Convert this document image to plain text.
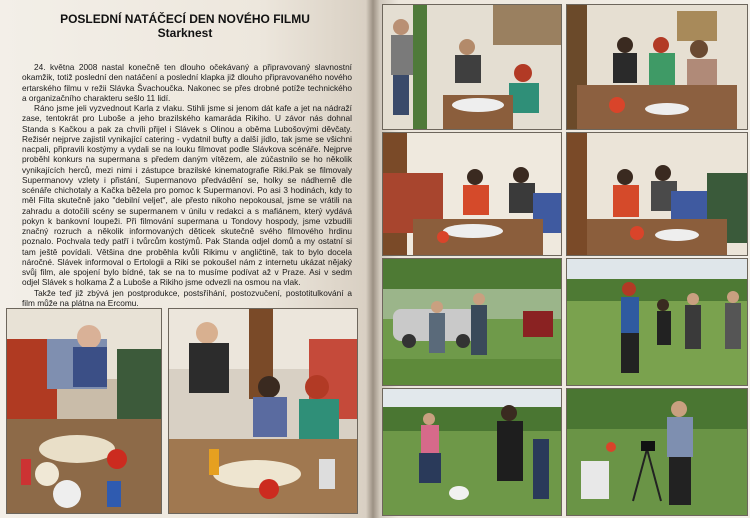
POSLEDNÍ NATÁČECÍ DEN NOVÉHO FILMU
Starknest

24. května 2008 nastal konečně ten dlouho očekávaný a připravovaný slavnostní okamžik, totiž poslední den natáčení a poslední klapka již dlouho připravovaného nového ertarského filmu v režii Slávka Švachoučka. Nakonec se přes drobné potíže technického a organizačního charakteru sešlo 11 lidí.

Ráno jsme jeli vyzvednout Karla z vlaku. Stihli jsme si jenom dát kafe a jet na nádraží zase, tentokrát pro Luboše a jeho brazilského kamaráda Rikiho. U závor nás dohnal Standa s Kačkou a pak za chvíli přijel i Slávek s Olinou a oběma Lubošovými děvčaty. Režisér nejprve zajistil vynikající catering - vydatnil bufty a další jídlo, tak jsme se všichni nacpali, připravili kostýmy a vydali se na louku filmovat podle Slávkova scénáře. Nejprve proběhl konkurs na supermana s předem daným vítězem, ale zúčastnilo se ho několik vynikajících herců, mezi nimi i zástupce brazilské kinematografie Riki.Pak se filmovaly Supermanovy vzlety i přistání, Supermanovo předvádění se, holky se nádherně dle scénáře chichotaly a Kačka běžela pro pomoc k Supermanovi. Po asi 3 hodinách, kdy to měl Filta skutečně jako "debilní veljet", ale přesto nikoho nepokousal, jsme se vrátili na zahradu a dotočili scény se supermanem v únilu v redakci a s mafiánem, který vydává pokyn k bankovní loupeži. Při filmování supermana u Tondovy hospody, jsme vzbudili značný rozruch a několik informovaných děticek skutečně svého filmového hrdinu poznalo. Pochvala tedy patří i tvůrcům kostýmů. Pak Standa odjel domů a my ostatní si tam ještě povídali. Většina dne proběhla kvůli Rikimu v angličtině, tak to bylo docela náročné. Slávek informoval o Ertologii a Riki se pokoušel nám z internetu ukázat nějaký svůj film, ale spojení bylo bídné, tak se na to musíme podívat až v Praze. Asi v sedm odjel Slávek s holkama Ž a Luboše a Rikiho jsme odvezli na osmou na vlak.

Takže teď již zbývá jen postprodukce, postsříhání, postozvučení, postotitulkování a film může na plátna na Ercomu.
